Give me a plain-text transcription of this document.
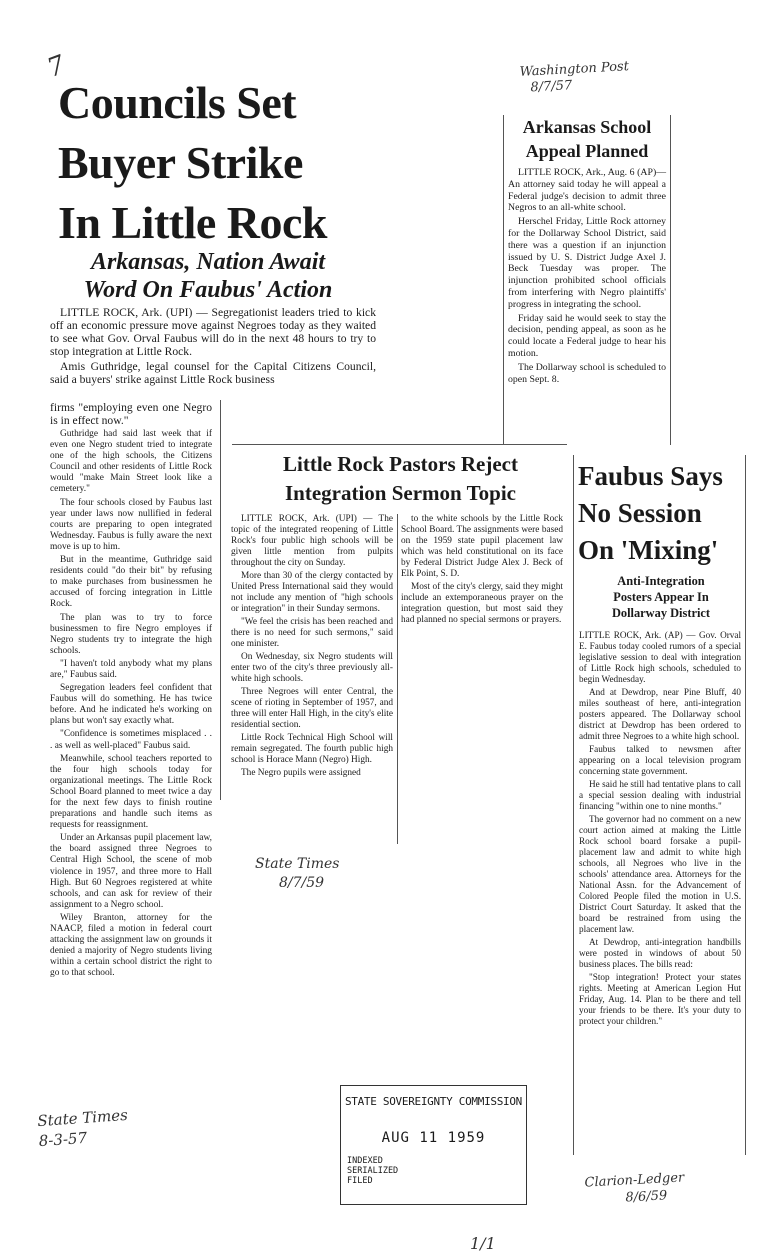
7	Washington Post
8/7/57
Councils Set
Buyer Strike
In Little Rock
Arkansas, Nation Await
Word On Faubus' Action

LITTLE ROCK, Ark. (UPI) — Segregationist leaders tried to kick off an economic pressure move against Negroes today as they waited to see what Gov. Orval Faubus will do in the next 48 hours to try to stop integration at Little Rock.

Amis Guthridge, legal counsel for the Capital Citizens Council, said a buyers' strike against Little Rock business

firms "employing even one Negro is in effect now."

Guthridge had said last week that if even one Negro student tried to integrate one of the high schools, the Citizens Council and other residents of Little Rock would "make Main Street look like a cemetery."

The four schools closed by Faubus last year under laws now nullified in federal courts are preparing to open integrated Wednesday. Faubus is fully aware the next move is up to him.

But in the meantime, Guthridge said residents could "do their bit" by refusing to make purchases from businessmen he accused of forcing integration in Little Rock.

The plan was to try to force businessmen to fire Negro employes if Negro students try to integrate the high schools.

"I haven't told anybody what my plans are," Faubus said.

Segregation leaders feel confident that Faubus will do something. He has twice before. And he indicated he's working on plans but won't say exactly what.

"Confidence is sometimes misplaced . . . as well as well-placed" Faubus said.

Meanwhile, school teachers reported to the four high schools today for organizational meetings. The Little Rock School Board planned to meet twice a day for the next few days to finish routine preparations and handle such items as requests for reassignment.

Under an Arkansas pupil placement law, the board assigned three Negroes to Central High School, the scene of mob violence in 1957, and three more to Hall High. But 60 Negroes registered at white schools, and can ask for review of their assignment to a Negro school.

Wiley Branton, attorney for the NAACP, filed a motion in federal court attacking the assignment law on grounds it denied a majority of Negro students living within a certain school district the right to go to that school.

State Times
8-3-57
Arkansas School
Appeal Planned

LITTLE ROCK, Ark., Aug. 6 (AP)—An attorney said today he will appeal a Federal judge's decision to admit three Negros to an all-white school.

Herschel Friday, Little Rock attorney for the Dollarway School District, said there was a question if an injunction issued by U. S. District Judge Axel J. Beck Tuesday was proper. The injunction prohibited school officials from interfering with Negro plaintiffs' progress in integrating the school.

Friday said he would seek to stay the decision, pending appeal, as soon as he could locate a Federal judge to hear his motion.

The Dollarway school is scheduled to open Sept. 8.

Little Rock Pastors Reject
Integration Sermon Topic

LITTLE ROCK, Ark. (UPI) — The topic of the integrated reopening of Little Rock's four public high schools will be given little mention from pulpits throughout the city on Sunday.

More than 30 of the clergy contacted by United Press International said they would not include any mention of "high schools or integration" in their Sunday sermons.

"We feel the crisis has been reached and there is no need for such sermons," said one minister.

On Wednesday, six Negro students will enter two of the city's three previously all-white high schools.

Three Negroes will enter Central, the scene of rioting in September of 1957, and three will enter Hall High, in the city's elite residential section.

Little Rock Technical High School will remain segregated. The fourth public high school is Horace Mann (Negro) High.

The Negro pupils were assigned

to the white schools by the Little Rock School Board. The assignments were based on the 1959 state pupil placement law which was held constitutional on its face by Federal District Judge Alex J. Beck of Elk Point, S. D.

Most of the city's clergy, said they might include an extemporaneous prayer on the integration question, but most said they had planned no special sermons or prayers.

State Times
8/7/59
Faubus Says
No Session
On 'Mixing'
Anti-Integration
Posters Appear In
Dollarway District

LITTLE ROCK, Ark. (AP) — Gov. Orval E. Faubus today cooled rumors of a special legislative session to deal with integration of Little Rock high schools, scheduled to begin Wednesday.

And at Dewdrop, near Pine Bluff, 40 miles southeast of here, anti-integration posters appeared. The Dollarway school district at Dewdrop has been ordered to admit three Negroes to a white high school.

Faubus talked to newsmen after appearing on a local television program concerning state government.

He said he still had tentative plans to call a special session dealing with industrial financing "within one to nine months."

The governor had no comment on a new court action aimed at making the Little Rock school board forsake a pupil-placement law and admit to white high schools, all Negroes who live in the schools' attendance area. Attorneys for the National Assn. for the Advancement of Colored People filed the motion in U.S. District Court Saturday. It asked that the board be restrained from using the placement law.

At Dewdrop, anti-integration handbills were posted in windows of about 50 business places. The bills read:

"Stop integration! Protect your states rights. Meeting at American Legion Hut Friday, Aug. 14. Plan to be there and tell your friends to be there. It's your duty to protect your children."

Clarion-Ledger
8/6/59
STATE SOVEREIGNTY COMMISSION
AUG 11 1959
INDEXED
SERIALIZED
FILED
1/1
